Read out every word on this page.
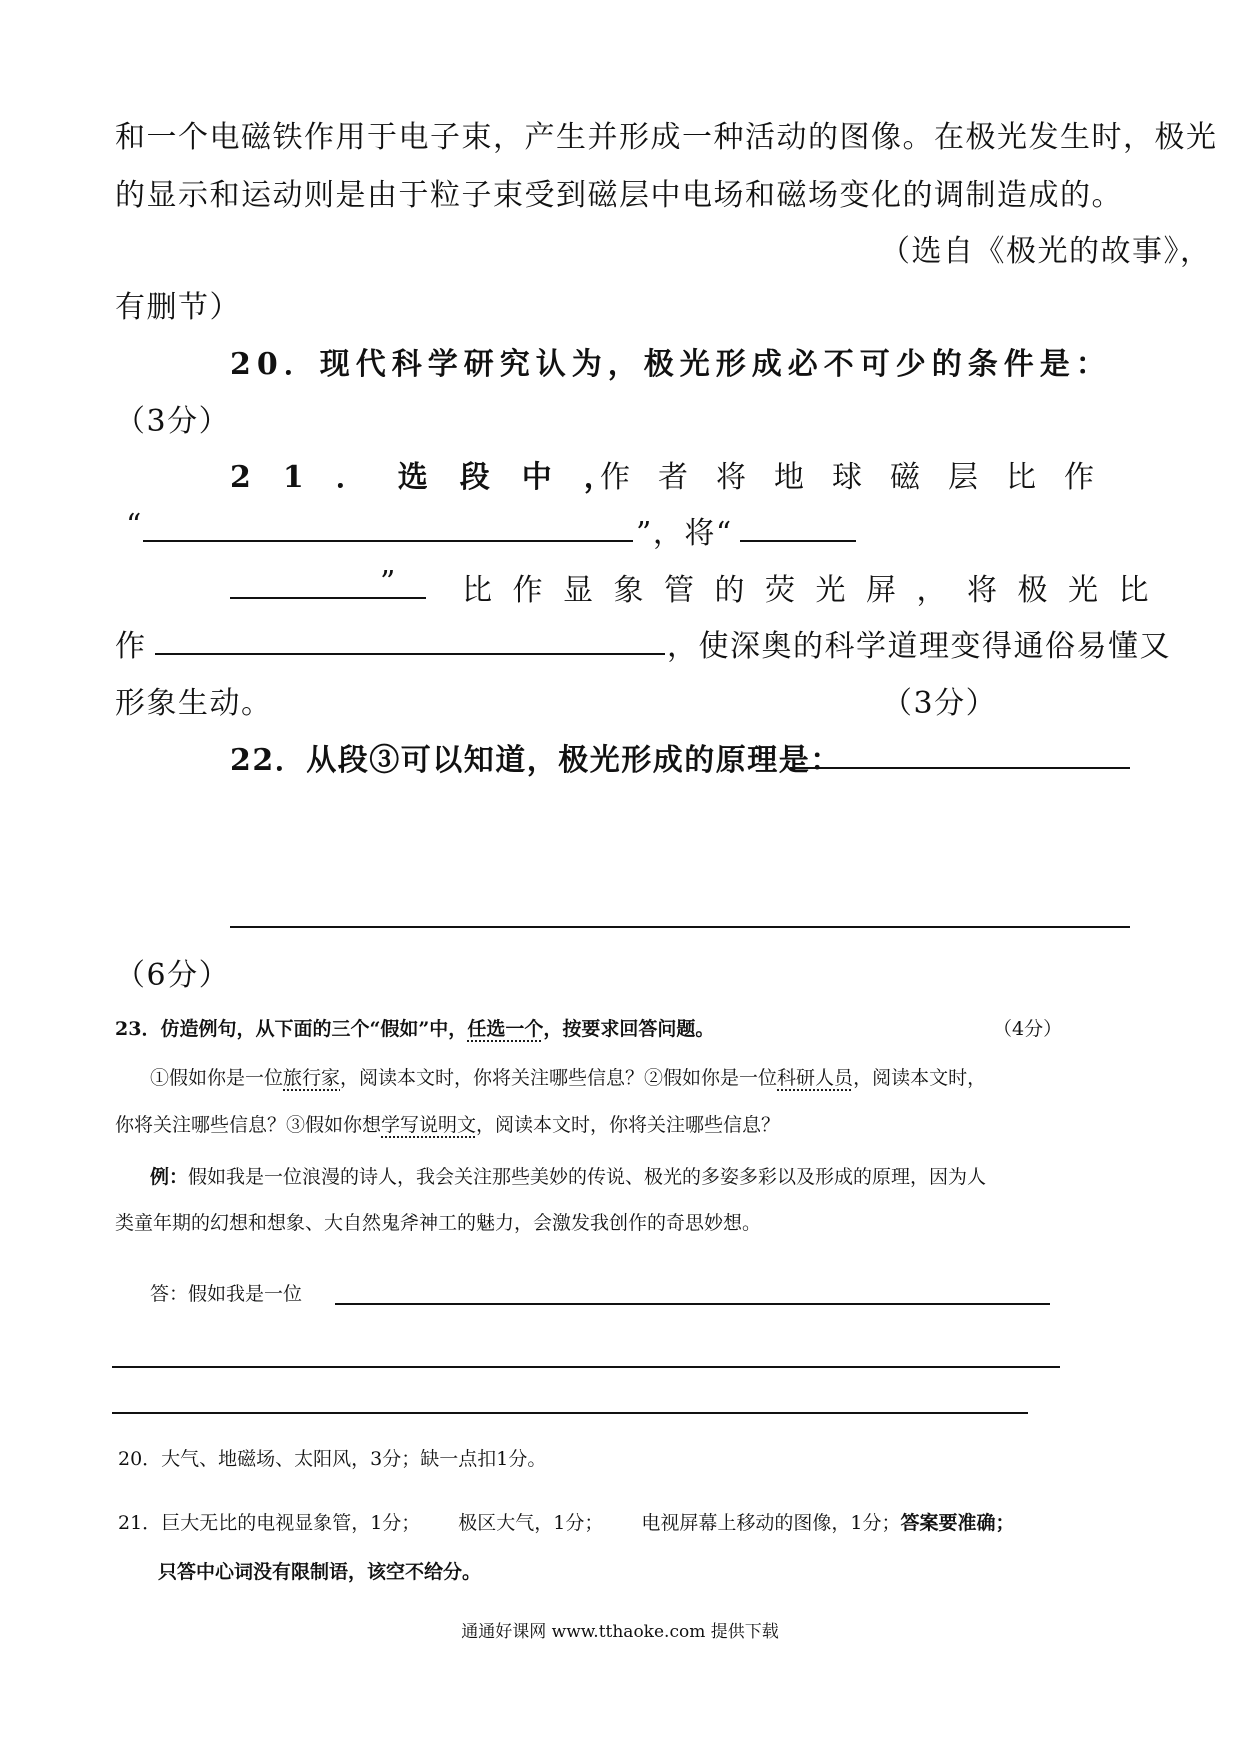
和一个电磁铁作用于电子束，产生并形成一种活动的图像。在极光发生时，极光
的显示和运动则是由于粒子束受到磁层中电场和磁场变化的调制造成的。
（选自《极光的故事》，
有删节）
20．现代科学研究认为，极光形成必不可少的条件是：
（3分）
21．选段中，
作者将地球磁层比作
“	”，将“
” 比作显象管的荧光屏，将极光比
作	，使深奥的科学道理变得通俗易懂又
形象生动。	（3分）
22．从段③可以知道，极光形成的原理是：
（6分）
23．仿造例句，从下面的三个“假如”中，任选一个，按要求回答问题。	（4分）
①假如你是一位旅行家，阅读本文时，你将关注哪些信息？②假如你是一位科研人员，阅读本文时，
你将关注哪些信息？③假如你想学写说明文，阅读本文时，你将关注哪些信息？
例：假如我是一位浪漫的诗人，我会关注那些美妙的传说、极光的多姿多彩以及形成的原理，因为人
类童年期的幻想和想象、大自然鬼斧神工的魅力，会激发我创作的奇思妙想。
答：假如我是一位
20．大气、地磁场、太阳风，3分；缺一点扣1分。
21．巨大无比的电视显象管，1分； 极区大气，1分； 电视屏幕上移动的图像，1分；答案要准确；
只答中心词没有限制语，该空不给分。
通通好课网 www.tthaoke.com 提供下载
